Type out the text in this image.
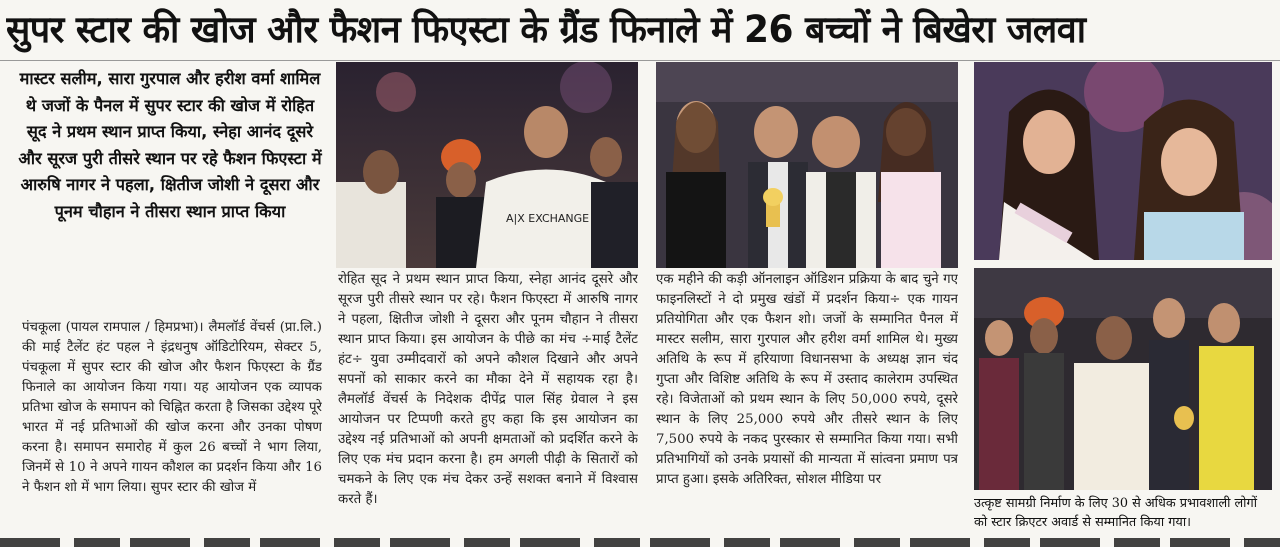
सुपर स्टार की खोज और फैशन फिएस्टा के ग्रैंड फिनाले में 26 बच्चों ने बिखेरा जलवा
मास्टर सलीम, सारा गुरपाल और हरीश वर्मा शामिल थे जजों के पैनल में सुपर स्टार की खोज में रोहित सूद ने प्रथम स्थान प्राप्त किया, स्नेहा आनंद दूसरे और सूरज पुरी तीसरे स्थान पर रहे फैशन फिएस्टा में आरुषि नागर ने पहला, क्षितीज जोशी ने दूसरा और पूनम चौहान ने तीसरा स्थान प्राप्त किया
पंचकूला (पायल रामपाल / हिमप्रभा)। लैमलॉर्ड वेंचर्स (प्रा.लि.) की माई टैलेंट हंट पहल ने इंद्रधनुष ऑडिटोरियम, सेक्टर 5, पंचकूला में सुपर स्टार की खोज और फैशन फिएस्टा के ग्रैंड फिनाले का आयोजन किया गया। यह आयोजन एक व्यापक प्रतिभा खोज के समापन को चिह्नित करता है जिसका उद्देश्य पूरे भारत में नई प्रतिभाओं की खोज करना और उनका पोषण करना है। समापन समारोह में कुल 26 बच्चों ने भाग लिया, जिनमें से 10 ने अपने गायन कौशल का प्रदर्शन किया और 16 ने फैशन शो में भाग लिया। सुपर स्टार की खोज में
रोहित सूद ने प्रथम स्थान प्राप्त किया, स्नेहा आनंद दूसरे और सूरज पुरी तीसरे स्थान पर रहे। फैशन फिएस्टा में आरुषि नागर ने पहला, क्षितीज जोशी ने दूसरा और पूनम चौहान ने तीसरा स्थान प्राप्त किया। इस आयोजन के पीछे का मंच ÷माई टैलेंट हंट÷ युवा उम्मीदवारों को अपने कौशल दिखाने और अपने सपनों को साकार करने का मौका देने में सहायक रहा है। लैमलॉर्ड वेंचर्स के निदेशक दीपेंद्र पाल सिंह ग्रेवाल ने इस आयोजन पर टिप्पणी करते हुए कहा कि इस आयोजन का उद्देश्य नई प्रतिभाओं को अपनी क्षमताओं को प्रदर्शित करने के लिए एक मंच प्रदान करना है। हम अगली पीढ़ी के सितारों को चमकने के लिए एक मंच देकर उन्हें सशक्त बनाने में विश्वास करते हैं।
एक महीने की कड़ी ऑनलाइन ऑडिशन प्रक्रिया के बाद चुने गए फाइनलिस्टों ने दो प्रमुख खंडों में प्रदर्शन किया÷ एक गायन प्रतियोगिता और एक फैशन शो। जजों के सम्मानित पैनल में मास्टर सलीम, सारा गुरपाल और हरीश वर्मा शामिल थे। मुख्य अतिथि के रूप में हरियाणा विधानसभा के अध्यक्ष ज्ञान चंद गुप्ता और विशिष्ट अतिथि के रूप में उस्ताद कालेराम उपस्थित रहे। विजेताओं को प्रथम स्थान के लिए 50,000 रुपये, दूसरे स्थान के लिए 25,000 रुपये और तीसरे स्थान के लिए 7,500 रुपये के नकद पुरस्कार से सम्मानित किया गया। सभी प्रतिभागियों को उनके प्रयासों की मान्यता में सांत्वना प्रमाण पत्र प्राप्त हुआ। इसके अतिरिक्त, सोशल मीडिया पर
A|X EXCHANGE
उत्कृष्ट सामग्री निर्माण के लिए 30 से अधिक प्रभावशाली लोगों को स्टार क्रिएटर अवार्ड से सम्मानित किया गया।
